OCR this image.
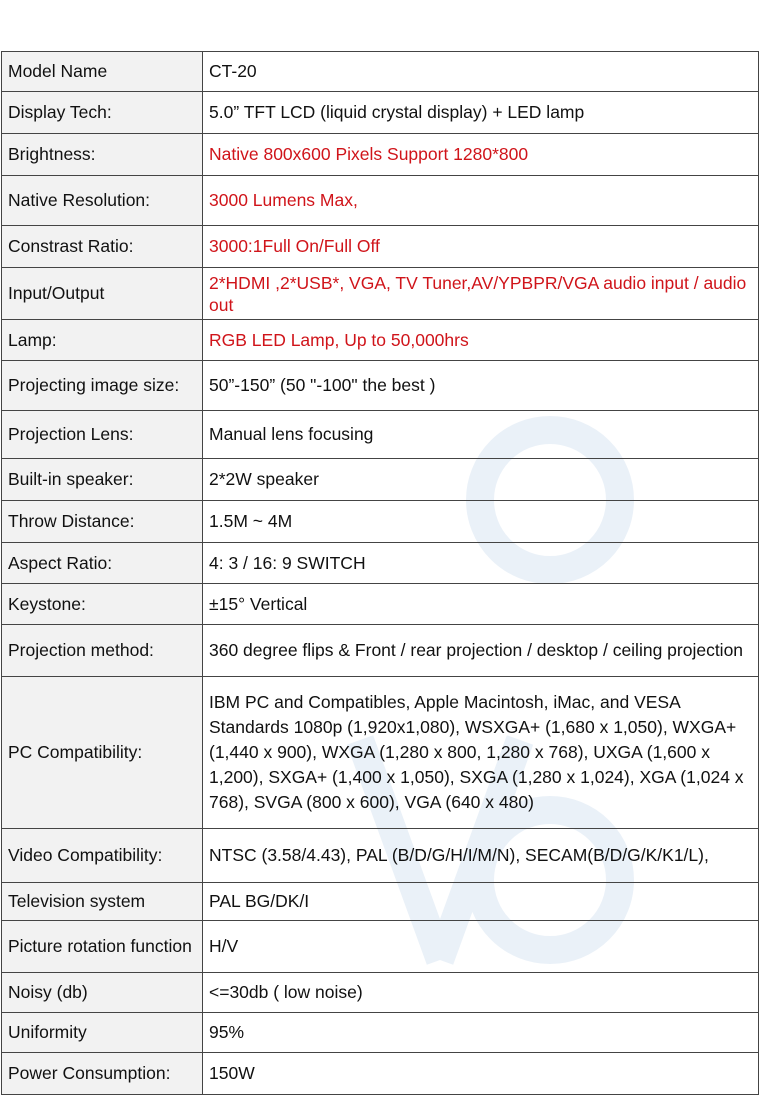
Model Name	CT-20
Display Tech:	5.0” TFT LCD (liquid crystal display) + LED lamp
Brightness:	Native 800x600 Pixels Support 1280*800
Native Resolution:	3000 Lumens Max,
Constrast Ratio:	3000:1Full On/Full Off
Input/Output	2*HDMI ,2*USB*, VGA, TV Tuner,AV/YPBPR/VGA audio input / audio out
Lamp:	RGB LED Lamp, Up to 50,000hrs
Projecting image size:	50”-150” (50 "-100" the best )
Projection Lens:	Manual lens focusing
Built-in speaker:	2*2W speaker
Throw Distance:	1.5M ~ 4M
Aspect Ratio:	4: 3 / 16: 9 SWITCH
Keystone:	±15° Vertical
Projection method:	360 degree flips & Front / rear projection / desktop / ceiling projection
PC Compatibility:	IBM PC and Compatibles, Apple Macintosh, iMac, and VESA Standards 1080p (1,920x1,080), WSXGA+ (1,680 x 1,050), WXGA+ (1,440 x 900), WXGA (1,280 x 800, 1,280 x 768), UXGA (1,600 x 1,200), SXGA+ (1,400 x 1,050), SXGA (1,280 x 1,024), XGA (1,024 x 768), SVGA (800 x 600), VGA (640 x 480)
Video Compatibility:	NTSC (3.58/4.43), PAL (B/D/G/H/I/M/N), SECAM(B/D/G/K/K1/L),
Television system	PAL BG/DK/I
Picture rotation function	H/V
Noisy (db)	<=30db ( low noise)
Uniformity	95%
Power Consumption:	150W
